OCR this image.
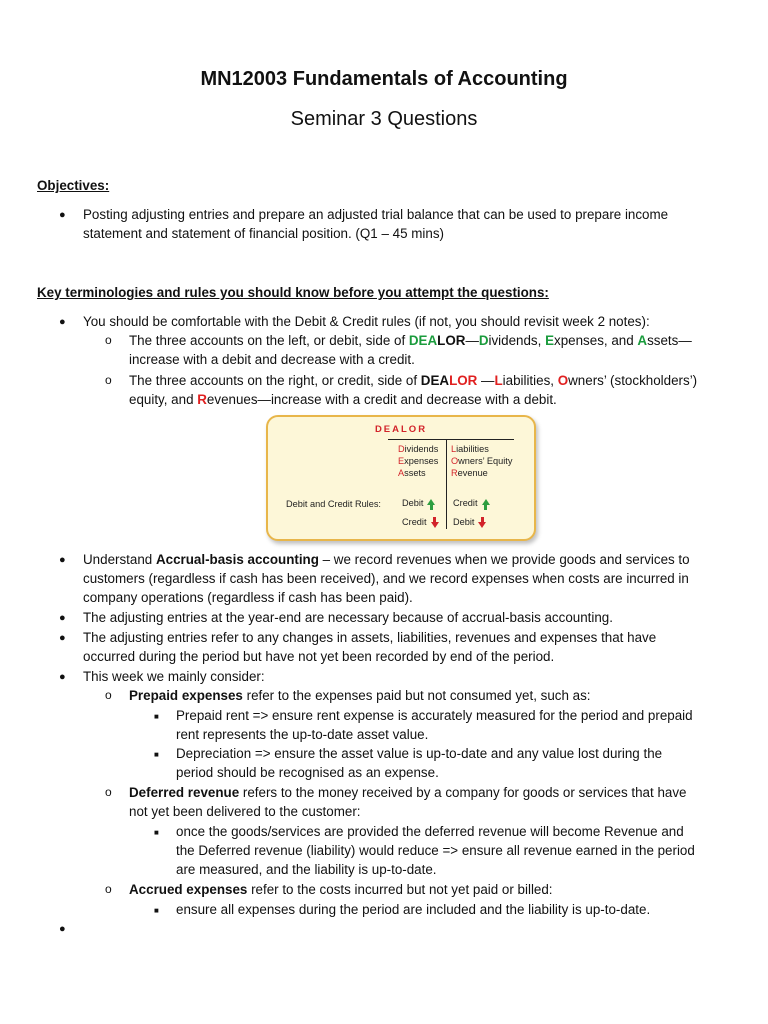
MN12003 Fundamentals of Accounting
Seminar 3 Questions
Objectives:
● Posting adjusting entries and prepare an adjusted trial balance that can be used to prepare income
statement and statement of financial position. (Q1 – 45 mins)
Key terminologies and rules you should know before you attempt the questions:
● You should be comfortable with the Debit & Credit rules (if not, you should revisit week 2 notes):
o The three accounts on the left, or debit, side of DEALOR—Dividends, Expenses, and Assets—
increase with a debit and decrease with a credit.
o The three accounts on the right, or credit, side of DEALOR —Liabilities, Owners’ (stockholders’)
equity, and Revenues—increase with a credit and decrease with a debit.
DEALOR
Dividends
Expenses
Assets
Liabilities
Owners’ Equity
Revenue
Debit and Credit Rules: Debit
Credit
Credit
Debit
● Understand Accrual-basis accounting – we record revenues when we provide goods and services to
customers (regardless if cash has been received), and we record expenses when costs are incurred in
company operations (regardless if cash has been paid).
● The adjusting entries at the year-end are necessary because of accrual-basis accounting.
● The adjusting entries refer to any changes in assets, liabilities, revenues and expenses that have
occurred during the period but have not yet been recorded by end of the period.
● This week we mainly consider:
o Prepaid expenses refer to the expenses paid but not consumed yet, such as:
■ Prepaid rent => ensure rent expense is accurately measured for the period and prepaid
rent represents the up-to-date asset value.
■ Depreciation => ensure the asset value is up-to-date and any value lost during the
period should be recognised as an expense.
o Deferred revenue refers to the money received by a company for goods or services that have
not yet been delivered to the customer:
■ once the goods/services are provided the deferred revenue will become Revenue and
the Deferred revenue (liability) would reduce => ensure all revenue earned in the period
are measured, and the liability is up-to-date.
o Accrued expenses refer to the costs incurred but not yet paid or billed:
■ ensure all expenses during the period are included and the liability is up-to-date.
●
